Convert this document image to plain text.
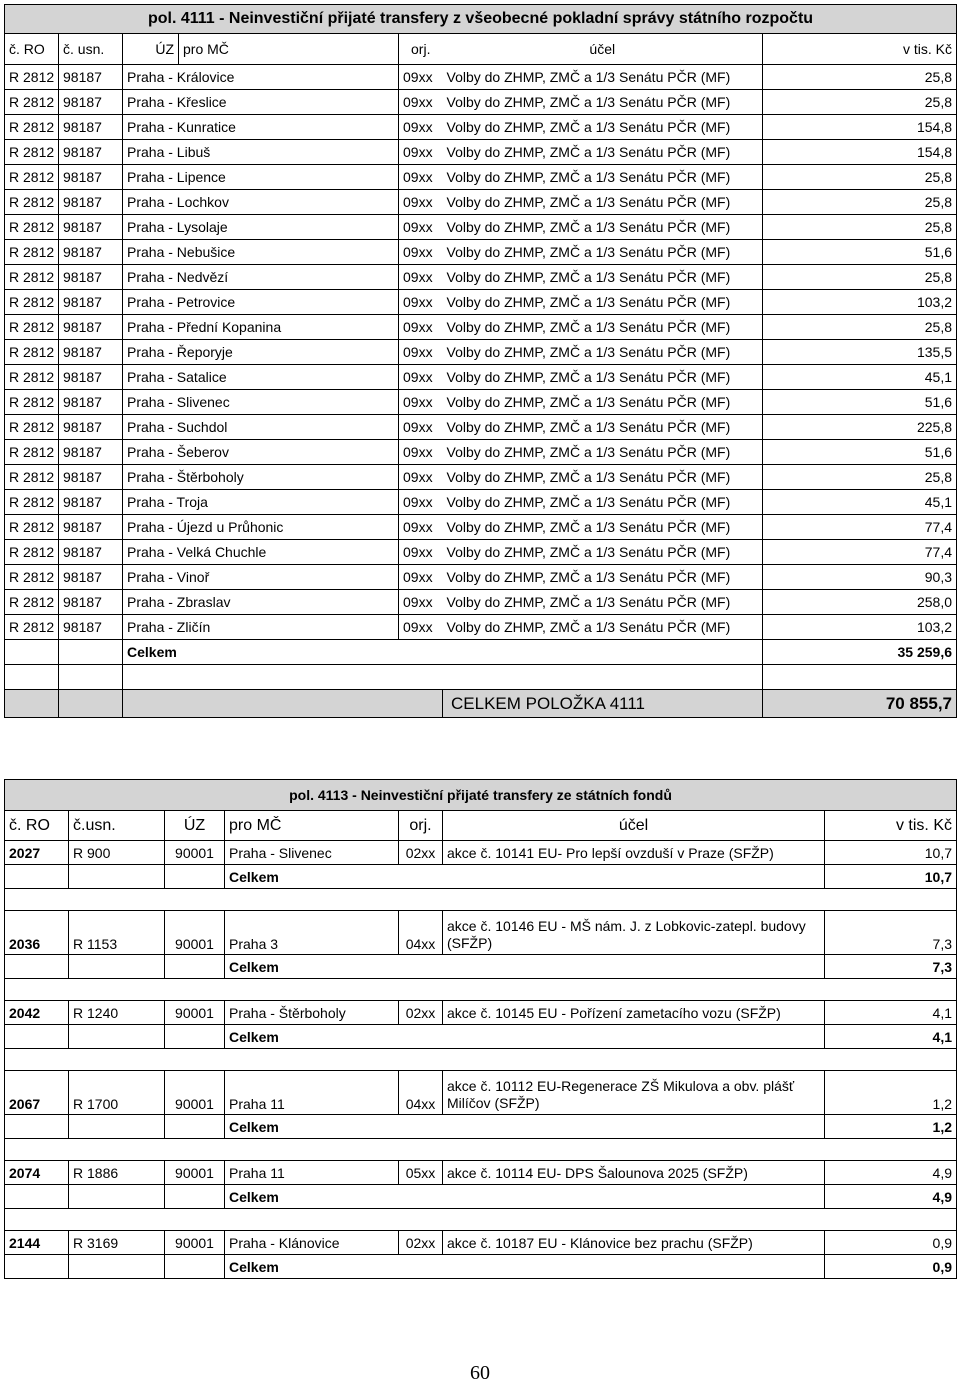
pol. 4111 - Neinvestiční přijaté transfery z všeobecné pokladní správy státního rozpočtu						
č. RO	č. usn.	ÚZ	pro MČ	orj.	účel	v tis. Kč
R 2812	98187	Praha - Královice		09xx	Volby do ZHMP, ZMČ a 1/3 Senátu PČR (MF)	25,8
R 2812	98187	Praha - Křeslice		09xx	Volby do ZHMP, ZMČ a 1/3 Senátu PČR (MF)	25,8
R 2812	98187	Praha - Kunratice		09xx	Volby do ZHMP, ZMČ a 1/3 Senátu PČR (MF)	154,8
R 2812	98187	Praha - Libuš		09xx	Volby do ZHMP, ZMČ a 1/3 Senátu PČR (MF)	154,8
R 2812	98187	Praha - Lipence		09xx	Volby do ZHMP, ZMČ a 1/3 Senátu PČR (MF)	25,8
R 2812	98187	Praha - Lochkov		09xx	Volby do ZHMP, ZMČ a 1/3 Senátu PČR (MF)	25,8
R 2812	98187	Praha - Lysolaje		09xx	Volby do ZHMP, ZMČ a 1/3 Senátu PČR (MF)	25,8
R 2812	98187	Praha - Nebušice		09xx	Volby do ZHMP, ZMČ a 1/3 Senátu PČR (MF)	51,6
R 2812	98187	Praha - Nedvězí		09xx	Volby do ZHMP, ZMČ a 1/3 Senátu PČR (MF)	25,8
R 2812	98187	Praha - Petrovice		09xx	Volby do ZHMP, ZMČ a 1/3 Senátu PČR (MF)	103,2
R 2812	98187	Praha - Přední Kopanina		09xx	Volby do ZHMP, ZMČ a 1/3 Senátu PČR (MF)	25,8
R 2812	98187	Praha - Řeporyje		09xx	Volby do ZHMP, ZMČ a 1/3 Senátu PČR (MF)	135,5
R 2812	98187	Praha - Satalice		09xx	Volby do ZHMP, ZMČ a 1/3 Senátu PČR (MF)	45,1
R 2812	98187	Praha - Slivenec		09xx	Volby do ZHMP, ZMČ a 1/3 Senátu PČR (MF)	51,6
R 2812	98187	Praha - Suchdol		09xx	Volby do ZHMP, ZMČ a 1/3 Senátu PČR (MF)	225,8
R 2812	98187	Praha - Šeberov		09xx	Volby do ZHMP, ZMČ a 1/3 Senátu PČR (MF)	51,6
R 2812	98187	Praha - Štěrboholy		09xx	Volby do ZHMP, ZMČ a 1/3 Senátu PČR (MF)	25,8
R 2812	98187	Praha - Troja		09xx	Volby do ZHMP, ZMČ a 1/3 Senátu PČR (MF)	45,1
R 2812	98187	Praha - Újezd u Průhonic		09xx	Volby do ZHMP, ZMČ a 1/3 Senátu PČR (MF)	77,4
R 2812	98187	Praha - Velká Chuchle		09xx	Volby do ZHMP, ZMČ a 1/3 Senátu PČR (MF)	77,4
R 2812	98187	Praha - Vinoř		09xx	Volby do ZHMP, ZMČ a 1/3 Senátu PČR (MF)	90,3
R 2812	98187	Praha - Zbraslav		09xx	Volby do ZHMP, ZMČ a 1/3 Senátu PČR (MF)	258,0
R 2812	98187	Praha - Zličín		09xx	Volby do ZHMP, ZMČ a 1/3 Senátu PČR (MF)	103,2
		Celkem				35 259,6

					CELKEM POLOŽKA 4111	70 855,7
pol. 4113 - Neinvestiční přijaté transfery ze státních fondů						
č. RO	č.usn.	ÚZ	pro MČ	orj.	účel	v tis. Kč
2027	R 900	90001	Praha - Slivenec	02xx	akce č. 10141 EU- Pro lepší ovzduší v Praze (SFŽP)	10,7
			Celkem			10,7

2036	R 1153	90001	Praha 3	04xx	akce č. 10146 EU - MŠ nám. J. z Lobkovic-zatepl. budovy (SFŽP)	7,3
			Celkem			7,3

2042	R 1240	90001	Praha - Štěrboholy	02xx	akce č. 10145 EU - Pořízení zametacího vozu (SFŽP)	4,1
			Celkem			4,1

2067	R 1700	90001	Praha 11	04xx	akce č. 10112 EU-Regenerace ZŠ Mikulova a obv. plášť Milíčov (SFŽP)	1,2
			Celkem			1,2

2074	R 1886	90001	Praha 11	05xx	akce č. 10114 EU- DPS Šalounova 2025 (SFŽP)	4,9
			Celkem			4,9

2144	R 3169	90001	Praha - Klánovice	02xx	akce č. 10187 EU - Klánovice bez prachu (SFŽP)	0,9
			Celkem			0,9
60
